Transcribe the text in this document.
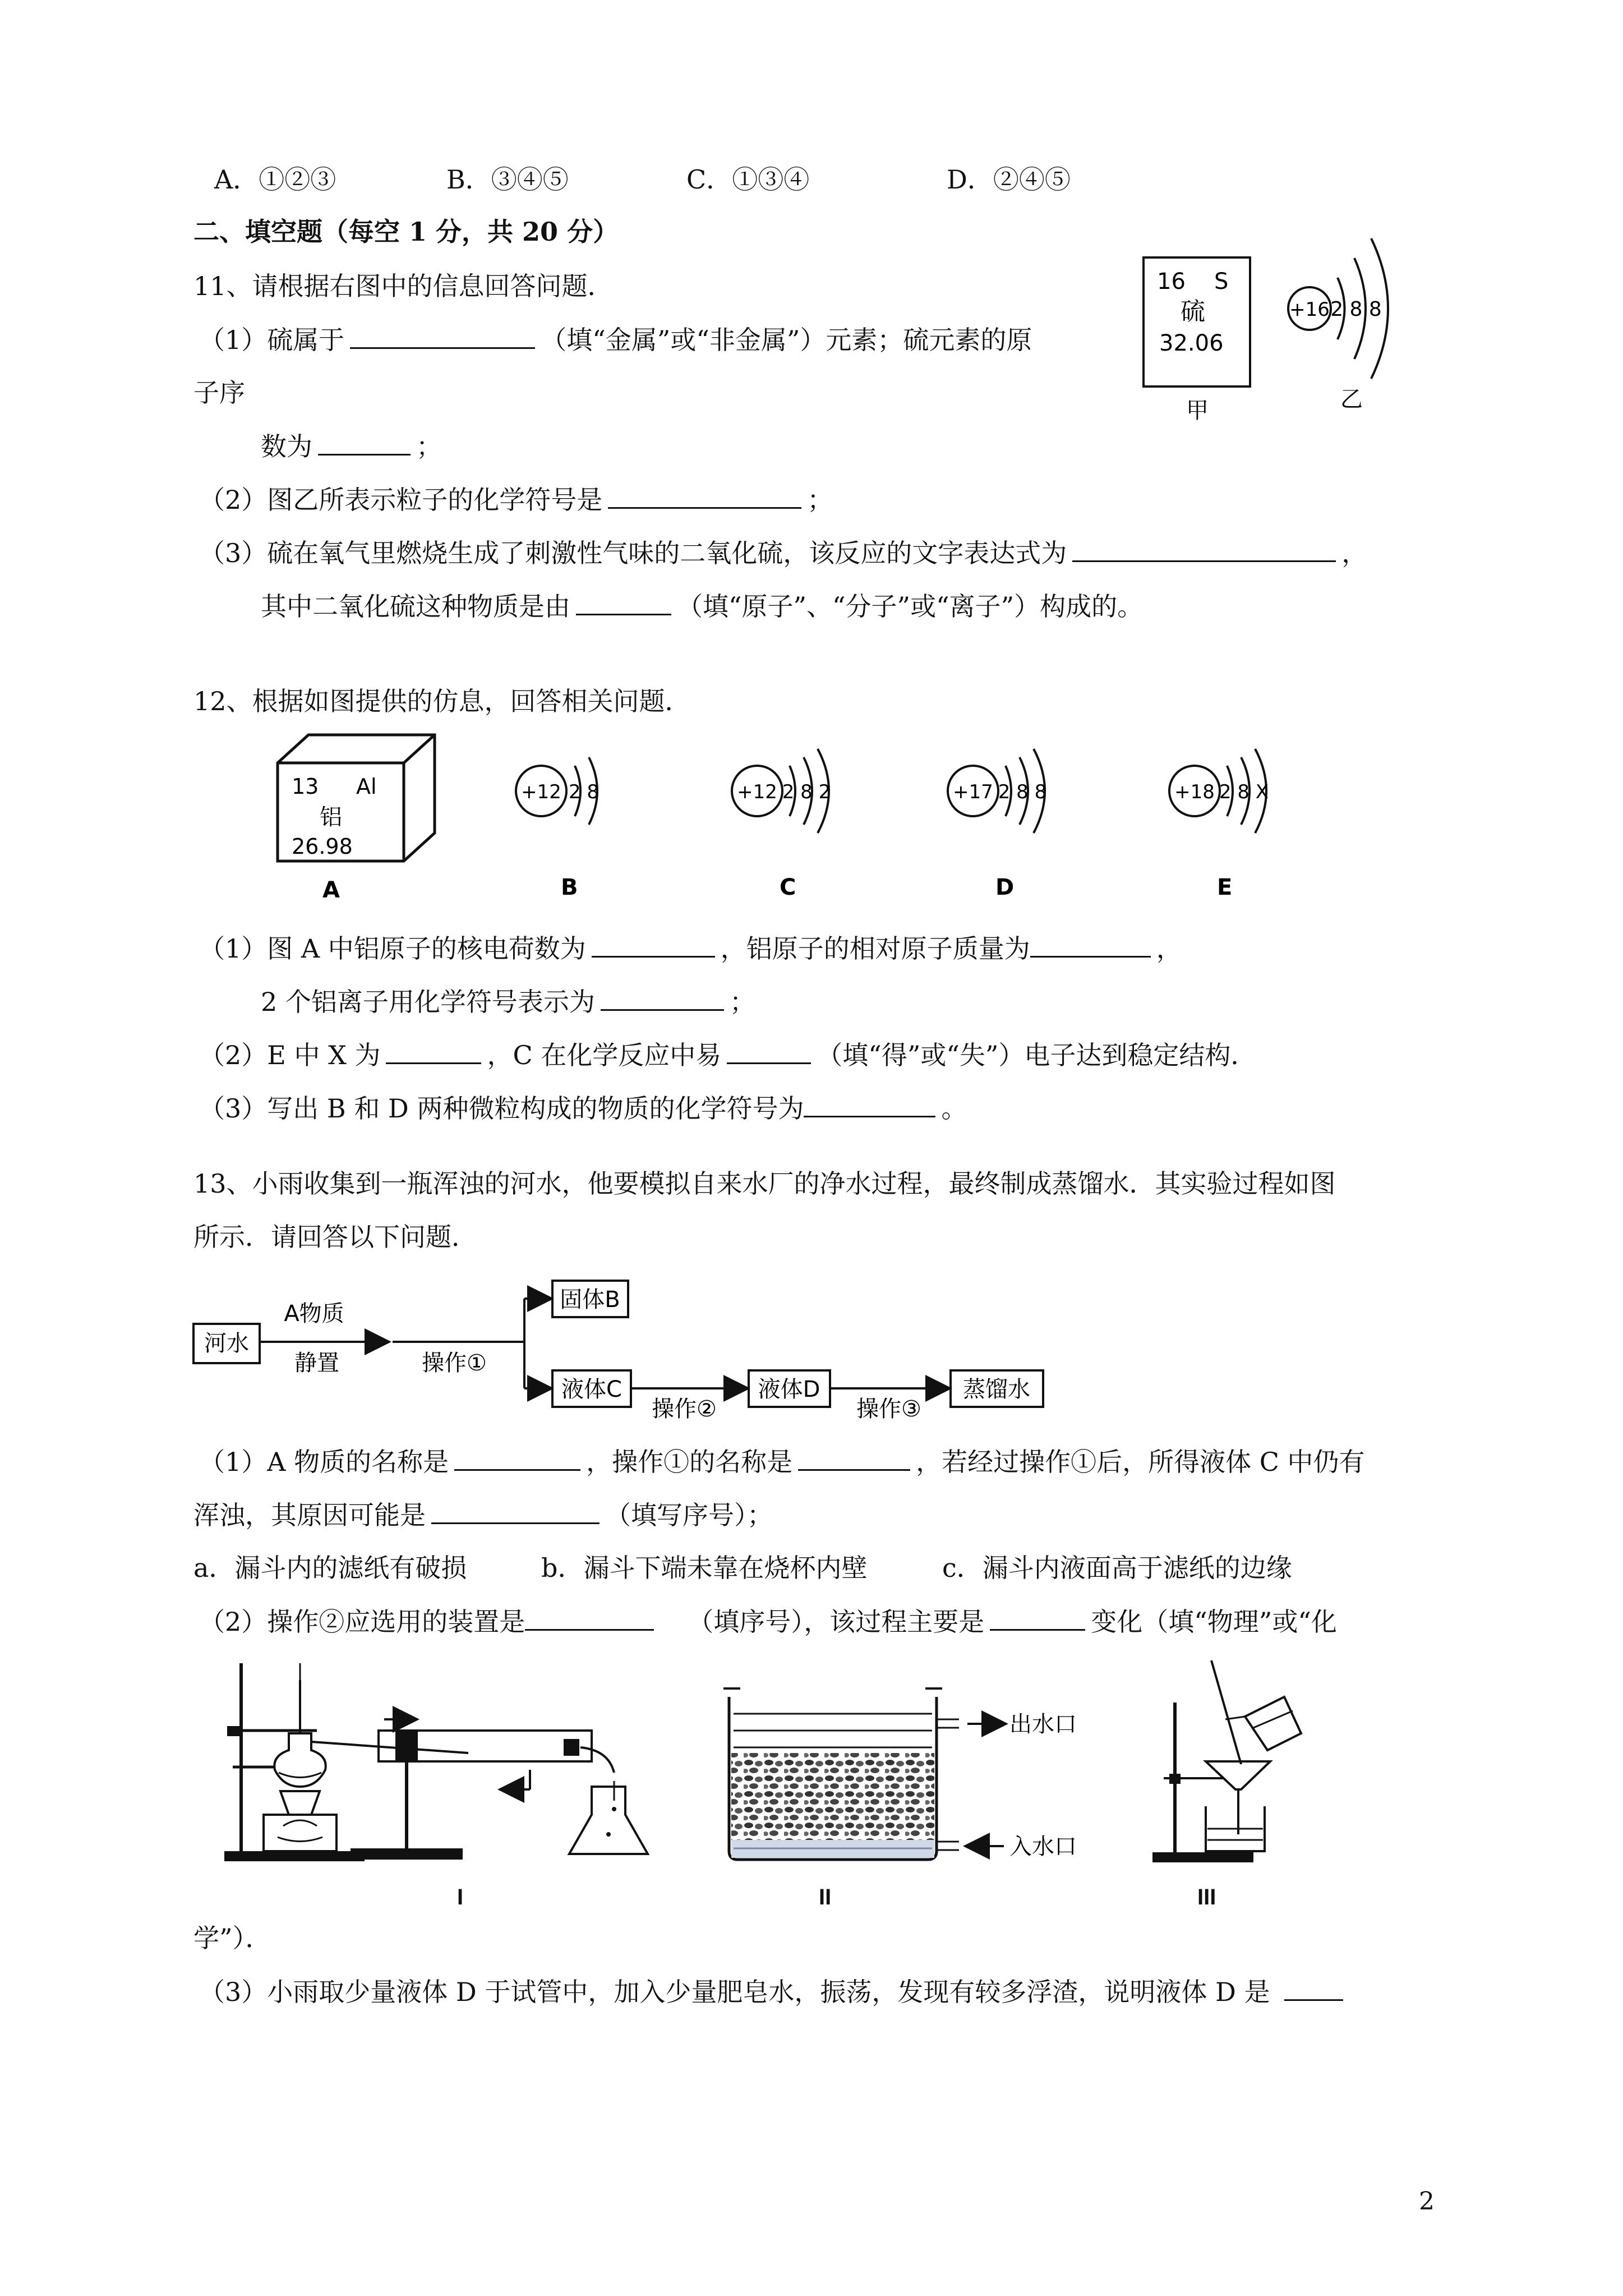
A．①②③	B．③④⑤	C．①③④	D．②④⑤
二、填空题（每空 1 分，共 20 分）
11、请根据右图中的信息回答问题．
（1）硫属于	（填“金属”或“非金属”）元素；硫元素的原
子序
数为	；
（2）图乙所表示粒子的化学符号是	；
（3）硫在氧气里燃烧生成了刺激性气味的二氧化硫，该反应的文字表达式为	，
其中二氧化硫这种物质是由	（填“原子”、“分子”或“离子”）构成的。
16 S
硫
32.06
甲
+16 2 8 8
乙
12、根据如图提供的仿息，回答相关问题．
13 Al
铝
26.98
A
+12 2 8
B
+12 2 8 2
C
+17 2 8 8
D
+18 2 8 X
E
（1）图 A 中铝原子的核电荷数为	，铝原子的相对原子质量为	，
2 个铝离子用化学符号表示为	；
（2）E 中 X 为	，C 在化学反应中易	（填“得”或“失”）电子达到稳定结构．
（3）写出 B 和 D 两种微粒构成的物质的化学符号为	。
13、小雨收集到一瓶浑浊的河水，他要模拟自来水厂的净水过程，最终制成蒸馏水．其实验过程如图
所示．请回答以下问题．
河水
A物质
静置	操作①
固体B
液体C
操作②
液体D
操作③
蒸馏水
（1）A 物质的名称是	，操作①的名称是	，若经过操作①后，所得液体 C 中仍有
浑浊，其原因可能是	（填写序号）；
a．漏斗内的滤纸有破损	b．漏斗下端未靠在烧杯内壁	c．漏斗内液面高于滤纸的边缘
（2）操作②应选用的装置是	（填序号），该过程主要是	变化（填“物理”或“化
I
出水口
入水口
II	III
学”）．
（3）小雨取少量液体 D 于试管中，加入少量肥皂水，振荡，发现有较多浮渣，说明液体 D 是
2
